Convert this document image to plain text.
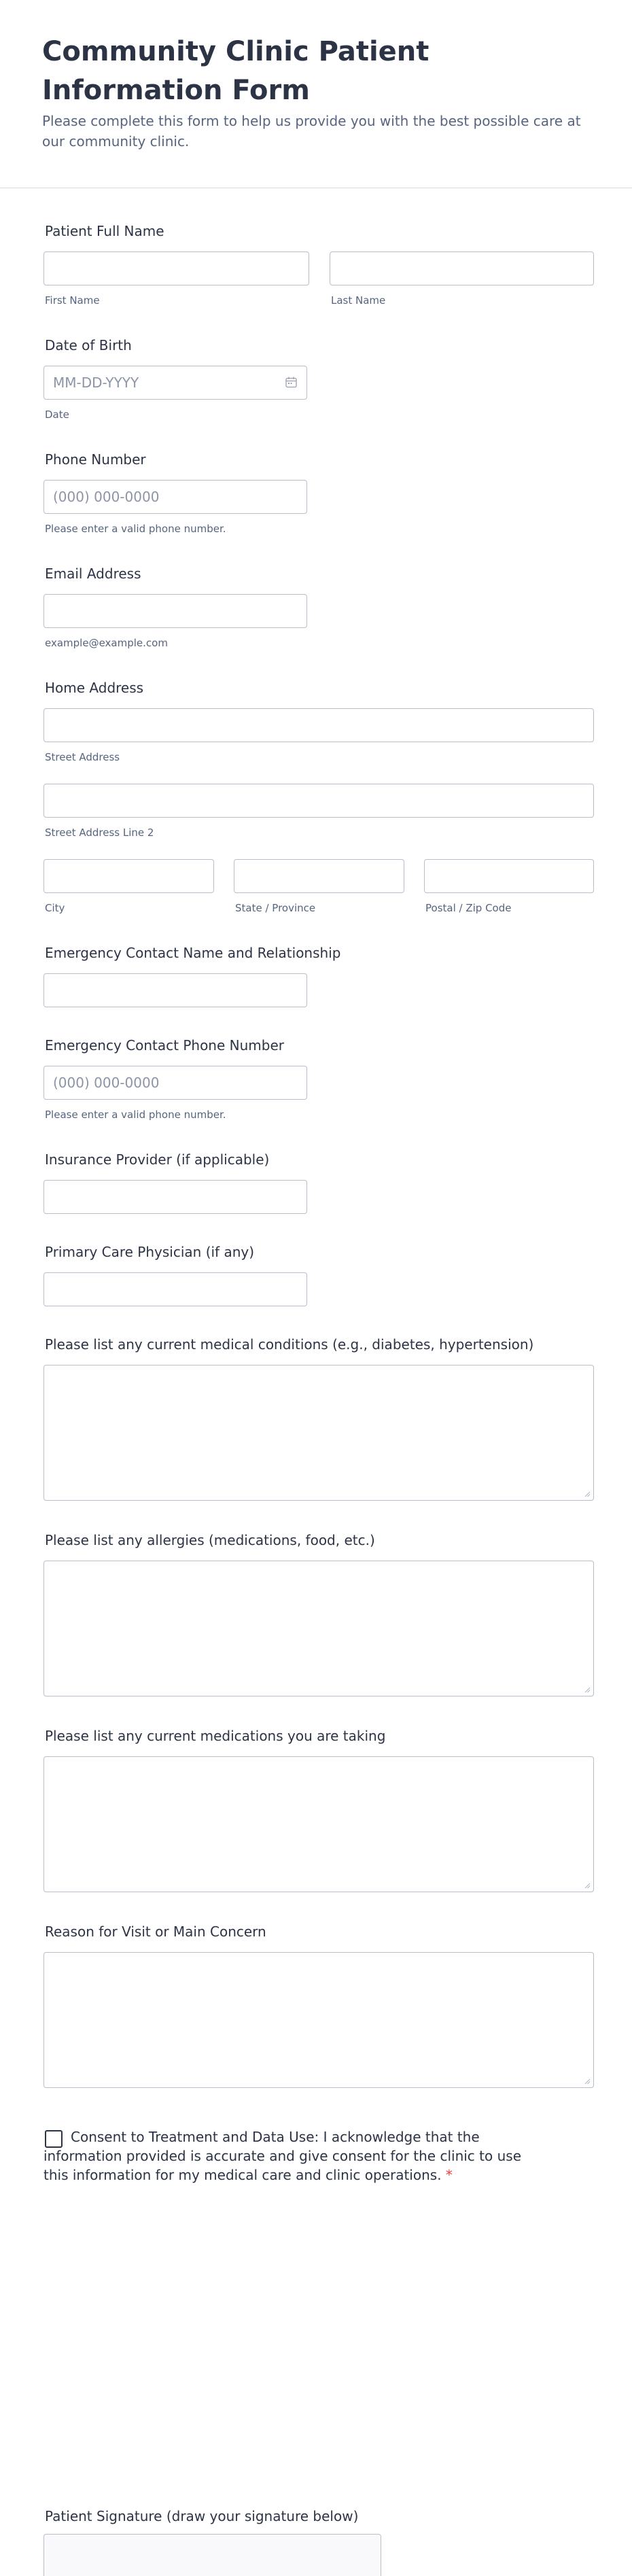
Community Clinic Patient Information Form
Please complete this form to help us provide you with the best possible care at our community clinic.
Patient Full Name
First Name	Last Name
Date of Birth
MM-DD-YYYY
Date
Phone Number
(000) 000-0000
Please enter a valid phone number.
Email Address
example@example.com
Home Address
Street Address
Street Address Line 2
City	State / Province	Postal / Zip Code
Emergency Contact Name and Relationship
Emergency Contact Phone Number
(000) 000-0000
Please enter a valid phone number.
Insurance Provider (if applicable)
Primary Care Physician (if any)
Please list any current medical conditions (e.g., diabetes, hypertension)
Please list any allergies (medications, food, etc.)
Please list any current medications you are taking
Reason for Visit or Main Concern
Consent to Treatment and Data Use: I acknowledge that the information provided is accurate and give consent for the clinic to use this information for my medical care and clinic operations. *
Patient Signature (draw your signature below)
